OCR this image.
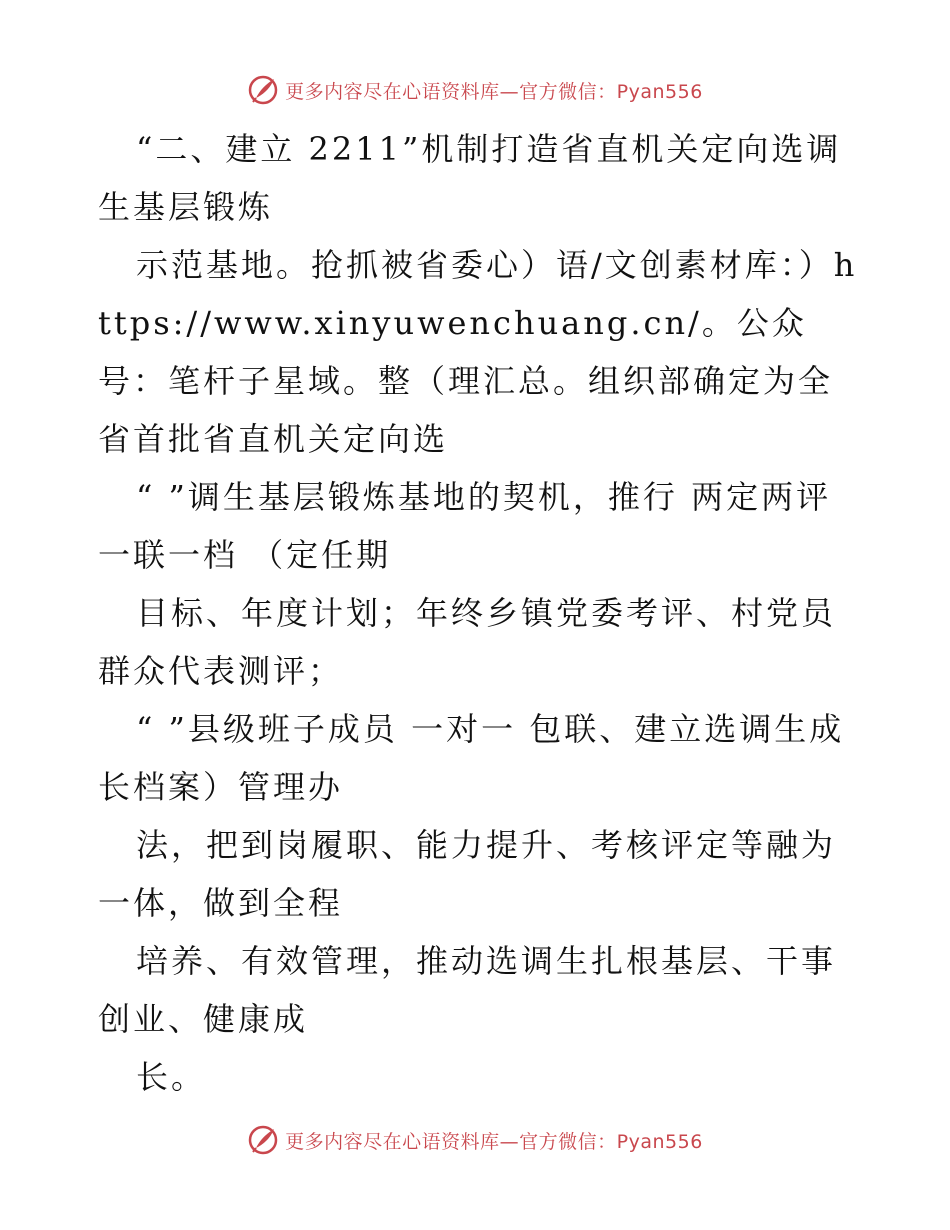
更多内容尽在心语资料库—官方微信：Pyan556

“二、建立 2211”机制打造省直机关定向选调生基层锻炼

示范基地。抢抓被省委心）语/文创素材库：）https://www.xinyuwenchuang.cn/。公众号：笔杆子星域。整（理汇总。组织部确定为全省首批省直机关定向选

“ ”调生基层锻炼基地的契机，推行 两定两评一联一档 （定任期

目标、年度计划；年终乡镇党委考评、村党员群众代表测评；

“ ”县级班子成员 一对一 包联、建立选调生成长档案）管理办

法，把到岗履职、能力提升、考核评定等融为一体，做到全程

培养、有效管理，推动选调生扎根基层、干事创业、健康成

长。

更多内容尽在心语资料库—官方微信：Pyan556
